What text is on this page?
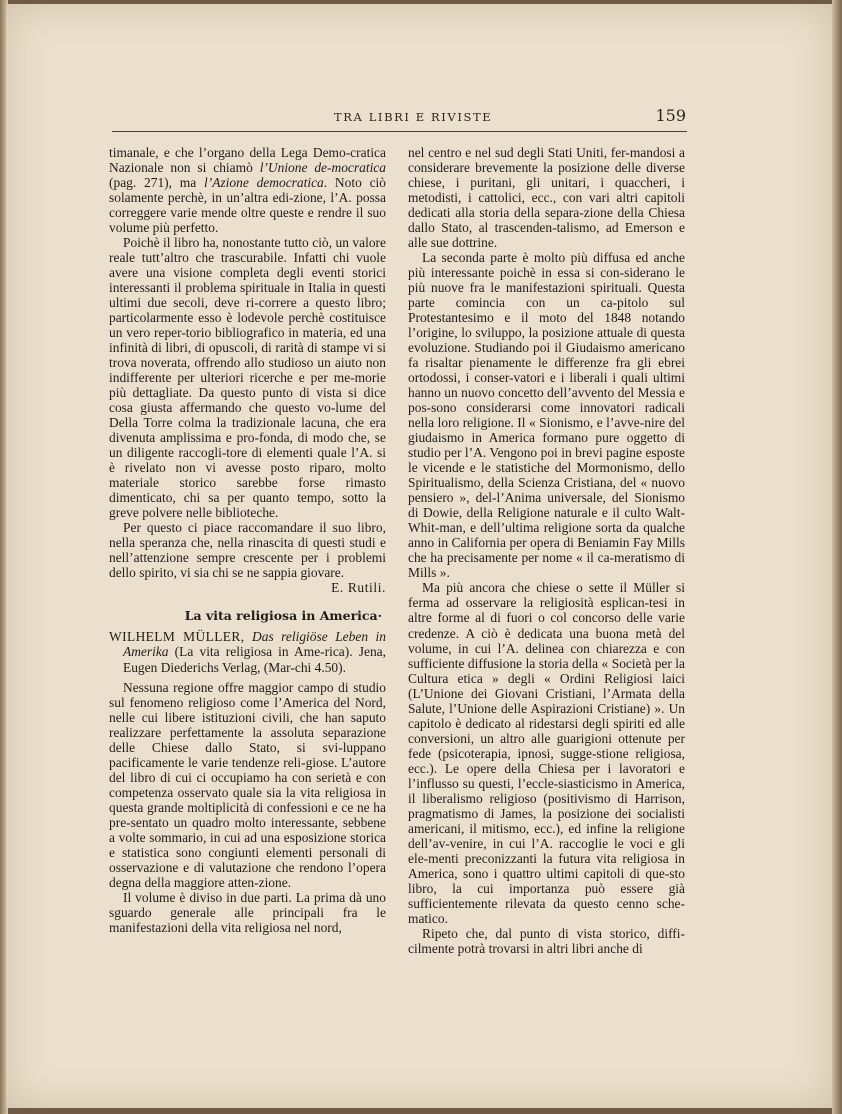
TRA LIBRI E RIVISTE	159

timanale, e che l’organo della Lega Demo-cratica Nazionale non si chiamò l’Unione de-mocratica (pag. 271), ma l’Azione democratica. Noto ciò solamente perchè, in un’altra edi-zione, l’A. possa correggere varie mende oltre queste e rendre il suo volume più perfetto.

Poichè il libro ha, nonostante tutto ciò, un valore reale tutt’altro che trascurabile. Infatti chi vuole avere una visione completa degli eventi storici interessanti il problema spirituale in Italia in questi ultimi due secoli, deve ri-correre a questo libro; particolarmente esso è lodevole perchè costituisce un vero reper-torio bibliografico in materia, ed una infinità di libri, di opuscoli, di rarità di stampe vi si trova noverata, offrendo allo studioso un aiuto non indifferente per ulteriori ricerche e per me-morie più dettagliate. Da questo punto di vista si dice cosa giusta affermando che questo vo-lume del Della Torre colma la tradizionale lacuna, che era divenuta amplissima e pro-fonda, di modo che, se un diligente raccogli-tore di elementi quale l’A. si è rivelato non vi avesse posto riparo, molto materiale storico sarebbe forse rimasto dimenticato, chi sa per quanto tempo, sotto la greve polvere nelle biblioteche.

Per questo ci piace raccomandare il suo libro, nella speranza che, nella rinascita di questi studi e nell’attenzione sempre crescente per i problemi dello spirito, vi sia chi se ne sappia giovare.

E. Rutili.
La vita religiosa in America·

WILHELM MÜLLER, Das religiöse Leben in Amerika (La vita religiosa in Ame-rica). Jena, Eugen Diederichs Verlag, (Mar-chi 4.50).

Nessuna regione offre maggior campo di studio sul fenomeno religioso come l’America del Nord, nelle cui libere istituzioni civili, che han saputo realizzare perfettamente la assoluta separazione delle Chiese dallo Stato, si svi-luppano pacificamente le varie tendenze reli-giose. L’autore del libro di cui ci occupiamo ha con serietà e con competenza osservato quale sia la vita religiosa in questa grande moltiplicità di confessioni e ce ne ha pre-sentato un quadro molto interessante, sebbene a volte sommario, in cui ad una esposizione storica e statistica sono congiunti elementi personali di osservazione e di valutazione che rendono l’opera degna della maggiore atten-zione.

Il volume è diviso in due parti. La prima dà uno sguardo generale alle principali fra le manifestazioni della vita religiosa nel nord,

nel centro e nel sud degli Stati Uniti, fer-mandosi a considerare brevemente la posizione delle diverse chiese, i puritani, gli unitari, i quaccheri, i metodisti, i cattolici, ecc., con vari altri capitoli dedicati alla storia della separa-zione della Chiesa dallo Stato, al trascenden-talismo, ad Emerson e alle sue dottrine.

La seconda parte è molto più diffusa ed anche più interessante poichè in essa si con-siderano le più nuove fra le manifestazioni spirituali. Questa parte comincia con un ca-pitolo sul Protestantesimo e il moto del 1848 notando l’origine, lo sviluppo, la posizione attuale di questa evoluzione. Studiando poi il Giudaismo americano fa risaltar pienamente le differenze fra gli ebrei ortodossi, i conser-vatori e i liberali i quali ultimi hanno un nuovo concetto dell’avvento del Messia e pos-sono considerarsi come innovatori radicali nella loro religione. Il « Sionismo, e l’avve-nire del giudaismo in America formano pure oggetto di studio per l’A. Vengono poi in brevi pagine esposte le vicende e le statistiche del Mormonismo, dello Spiritualismo, della Scienza Cristiana, del « nuovo pensiero », del-l’Anima universale, del Sionismo di Dowie, della Religione naturale e il culto Walt-Whit-man, e dell’ultima religione sorta da qualche anno in California per opera di Beniamin Fay Mills che ha precisamente per nome « il ca-meratismo di Mills ».

Ma più ancora che chiese o sette il Müller si ferma ad osservare la religiosità esplican-tesi in altre forme al di fuori o col concorso delle varie credenze. A ciò è dedicata una buona metà del volume, in cui l’A. delinea con chiarezza e con sufficiente diffusione la storia della « Società per la Cultura etica » degli « Ordini Religiosi laici (L’Unione dei Giovani Cristiani, l’Armata della Salute, l’Unione delle Aspirazioni Cristiane) ». Un capitolo è dedicato al ridestarsi degli spiriti ed alle conversioni, un altro alle guarigioni ottenute per fede (psicoterapia, ipnosi, sugge-stione religiosa, ecc.). Le opere della Chiesa per i lavoratori e l’influsso su questi, l’eccle-siasticismo in America, il liberalismo religioso (positivismo di Harrison, pragmatismo di James, la posizione dei socialisti americani, il mitismo, ecc.), ed infine la religione dell’av-venire, in cui l’A. raccoglie le voci e gli ele-menti preconizzanti la futura vita religiosa in America, sono i quattro ultimi capitoli di que-sto libro, la cui importanza può essere già sufficientemente rilevata da questo cenno sche-matico.

Ripeto che, dal punto di vista storico, diffi-cilmente potrà trovarsi in altri libri anche di
